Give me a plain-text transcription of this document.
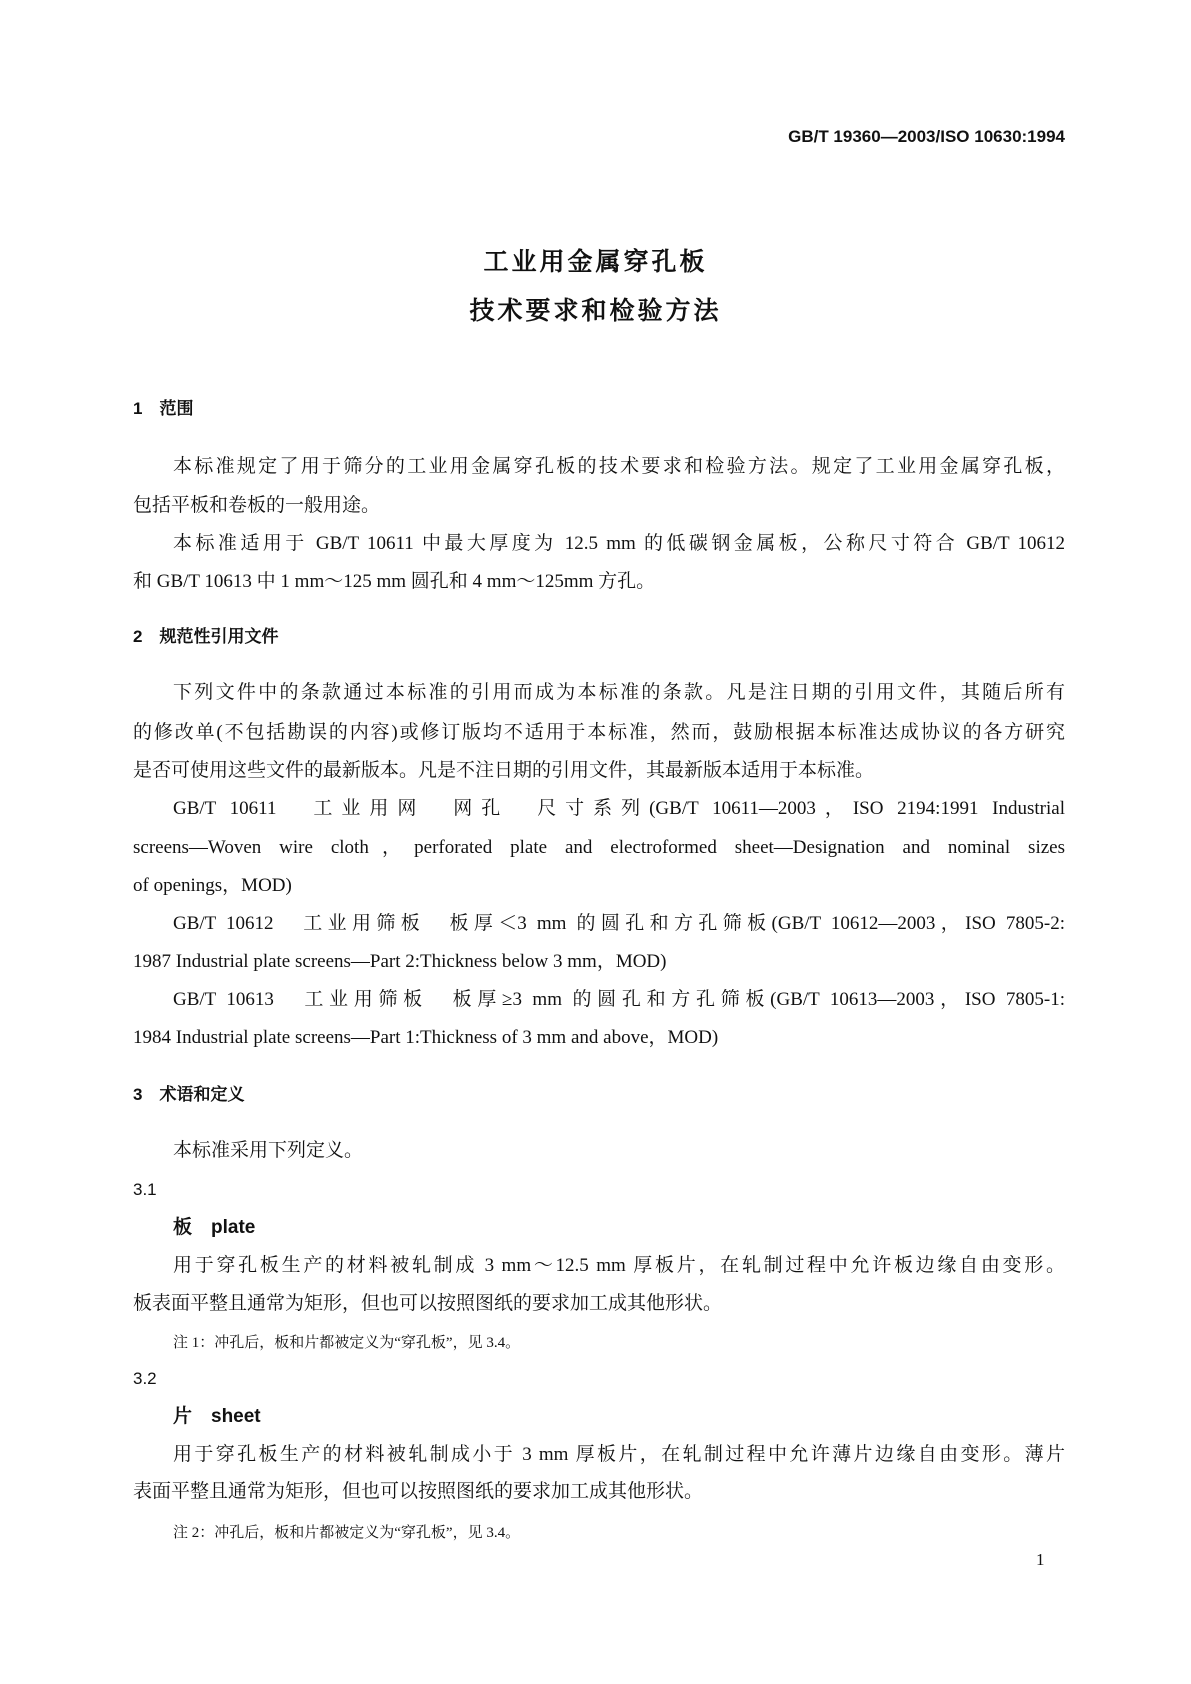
GB/T 19360—2003/ISO 10630:1994
工业用金属穿孔板
技术要求和检验方法
1　范围
本标准规定了用于筛分的工业用金属穿孔板的技术要求和检验方法。规定了工业用金属穿孔板，
包括平板和卷板的一般用途。
本标准适用于 GB/T 10611 中最大厚度为 12.5 mm 的低碳钢金属板，公称尺寸符合 GB/T 10612
和 GB/T 10613 中 1 mm～125 mm 圆孔和 4 mm～125mm 方孔。
2　规范性引用文件
下列文件中的条款通过本标准的引用而成为本标准的条款。凡是注日期的引用文件，其随后所有
的修改单(不包括勘误的内容)或修订版均不适用于本标准，然而，鼓励根据本标准达成协议的各方研究
是否可使用这些文件的最新版本。凡是不注日期的引用文件，其最新版本适用于本标准。
GB/T 10611　工业用网　网孔　尺寸系列(GB/T 10611—2003，ISO 2194:1991 Industrial
screens—Woven wire cloth，perforated plate and electroformed sheet—Designation and nominal sizes
of openings，MOD)
GB/T 10612　工业用筛板　板厚＜3 mm 的圆孔和方孔筛板(GB/T 10612—2003，ISO 7805-2:
1987 Industrial plate screens—Part 2:Thickness below 3 mm，MOD)
GB/T 10613　工业用筛板　板厚≥3 mm 的圆孔和方孔筛板(GB/T 10613—2003，ISO 7805-1:
1984 Industrial plate screens—Part 1:Thickness of 3 mm and above，MOD)
3　术语和定义
本标准采用下列定义。
3.1
板　plate
用于穿孔板生产的材料被轧制成 3 mm～12.5 mm 厚板片，在轧制过程中允许板边缘自由变形。
板表面平整且通常为矩形，但也可以按照图纸的要求加工成其他形状。
注 1：冲孔后，板和片都被定义为“穿孔板”，见 3.4。
3.2
片　sheet
用于穿孔板生产的材料被轧制成小于 3 mm 厚板片，在轧制过程中允许薄片边缘自由变形。薄片
表面平整且通常为矩形，但也可以按照图纸的要求加工成其他形状。
注 2：冲孔后，板和片都被定义为“穿孔板”，见 3.4。
1
